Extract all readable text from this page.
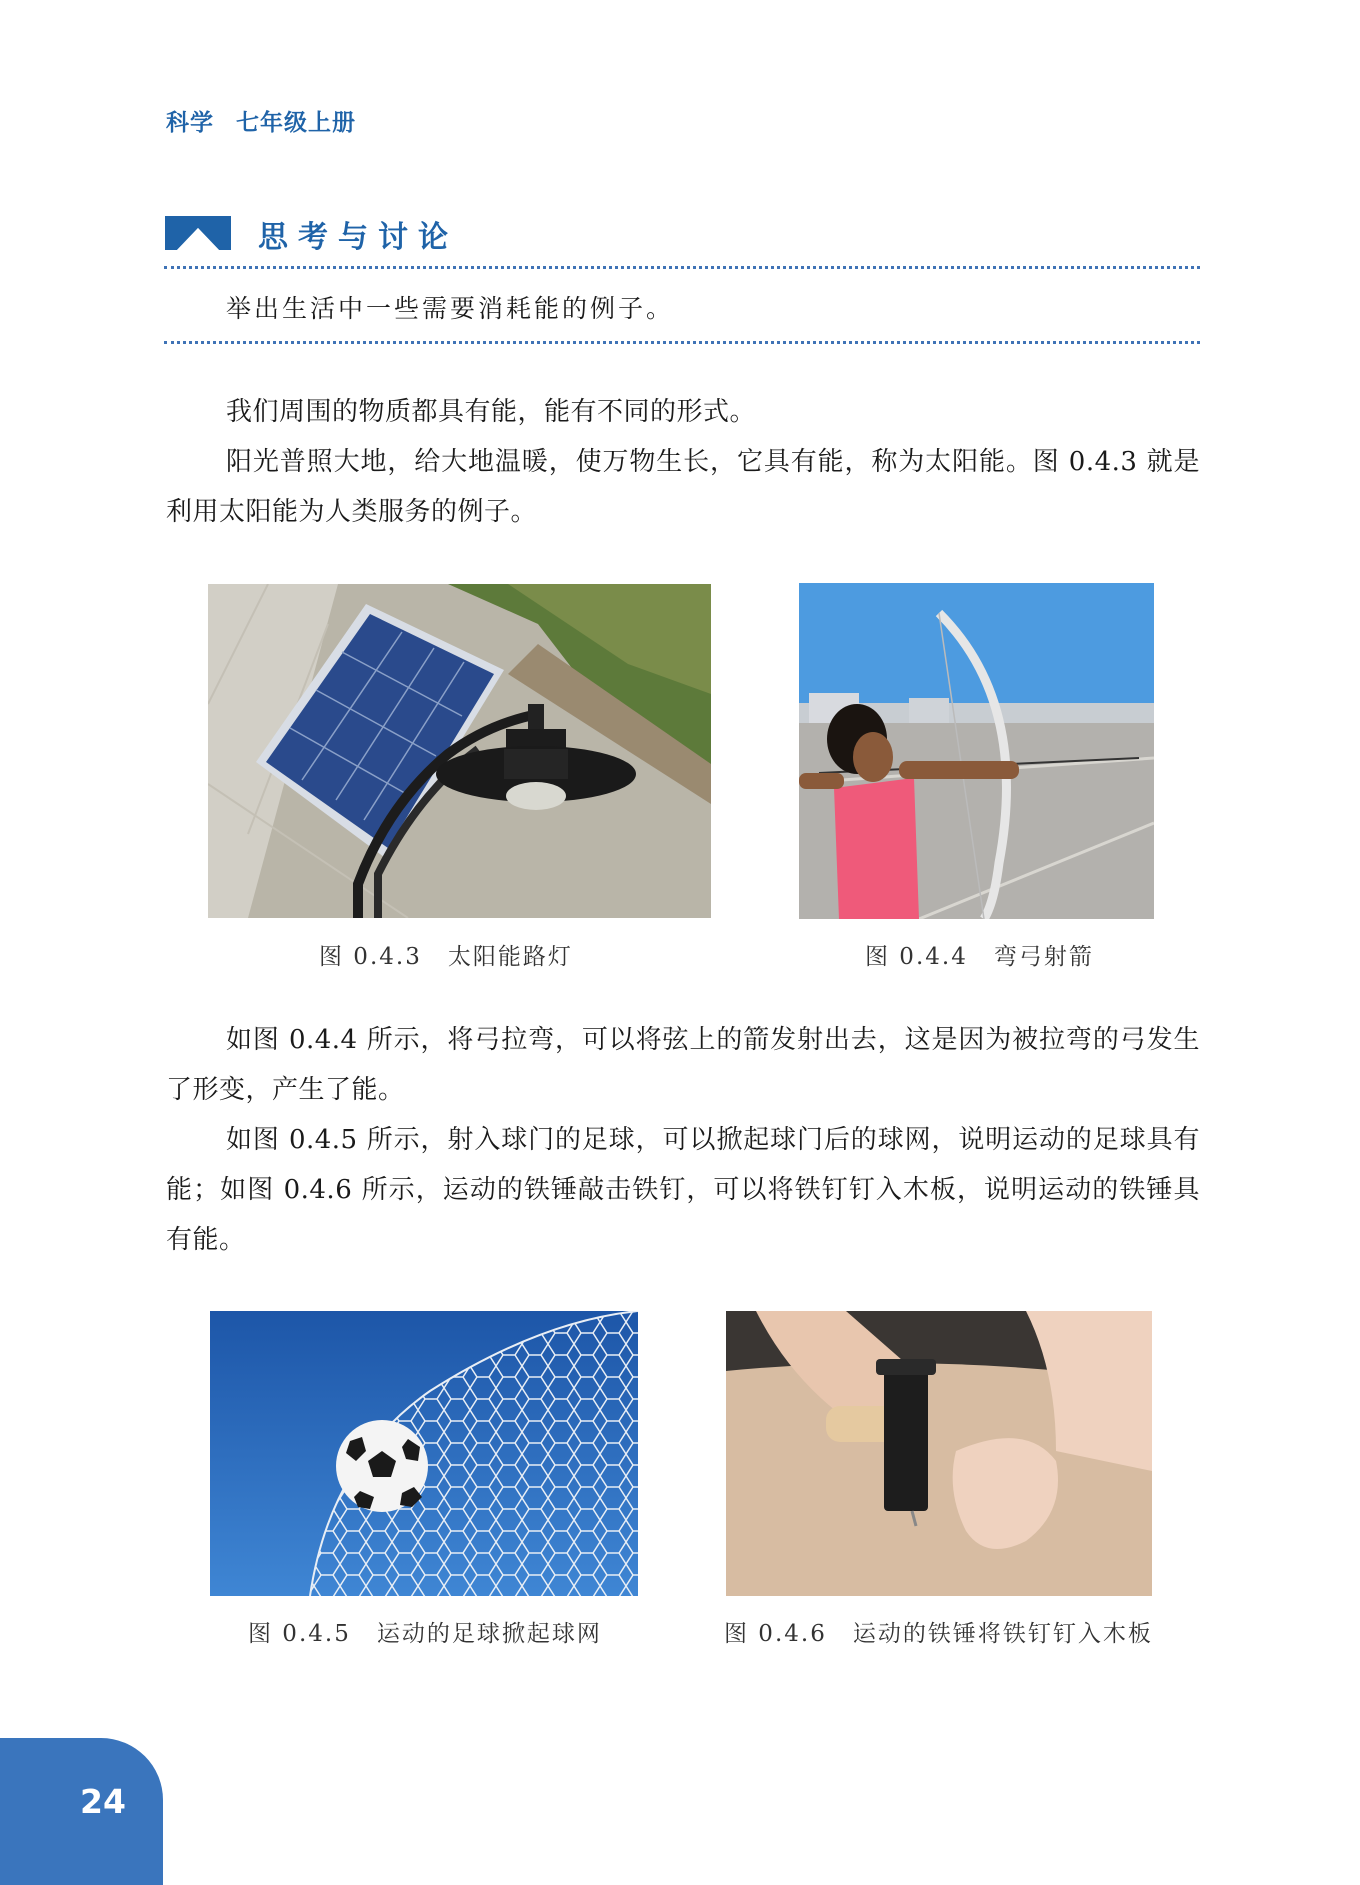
科学 七年级上册
思考与讨论
举出生活中一些需要消耗能的例子。

我们周围的物质都具有能，能有不同的形式。

阳光普照大地，给大地温暖，使万物生长，它具有能，称为太阳能。图 0.4.3 就是利用太阳能为人类服务的例子。

图 0.4.3 太阳能路灯	图 0.4.4 弯弓射箭

如图 0.4.4 所示，将弓拉弯，可以将弦上的箭发射出去，这是因为被拉弯的弓发生了形变，产生了能。

如图 0.4.5 所示，射入球门的足球，可以掀起球门后的球网，说明运动的足球具有能；如图 0.4.6 所示，运动的铁锤敲击铁钉，可以将铁钉钉入木板，说明运动的铁锤具有能。

图 0.4.5 运动的足球掀起球网	图 0.4.6 运动的铁锤将铁钉钉入木板
24
